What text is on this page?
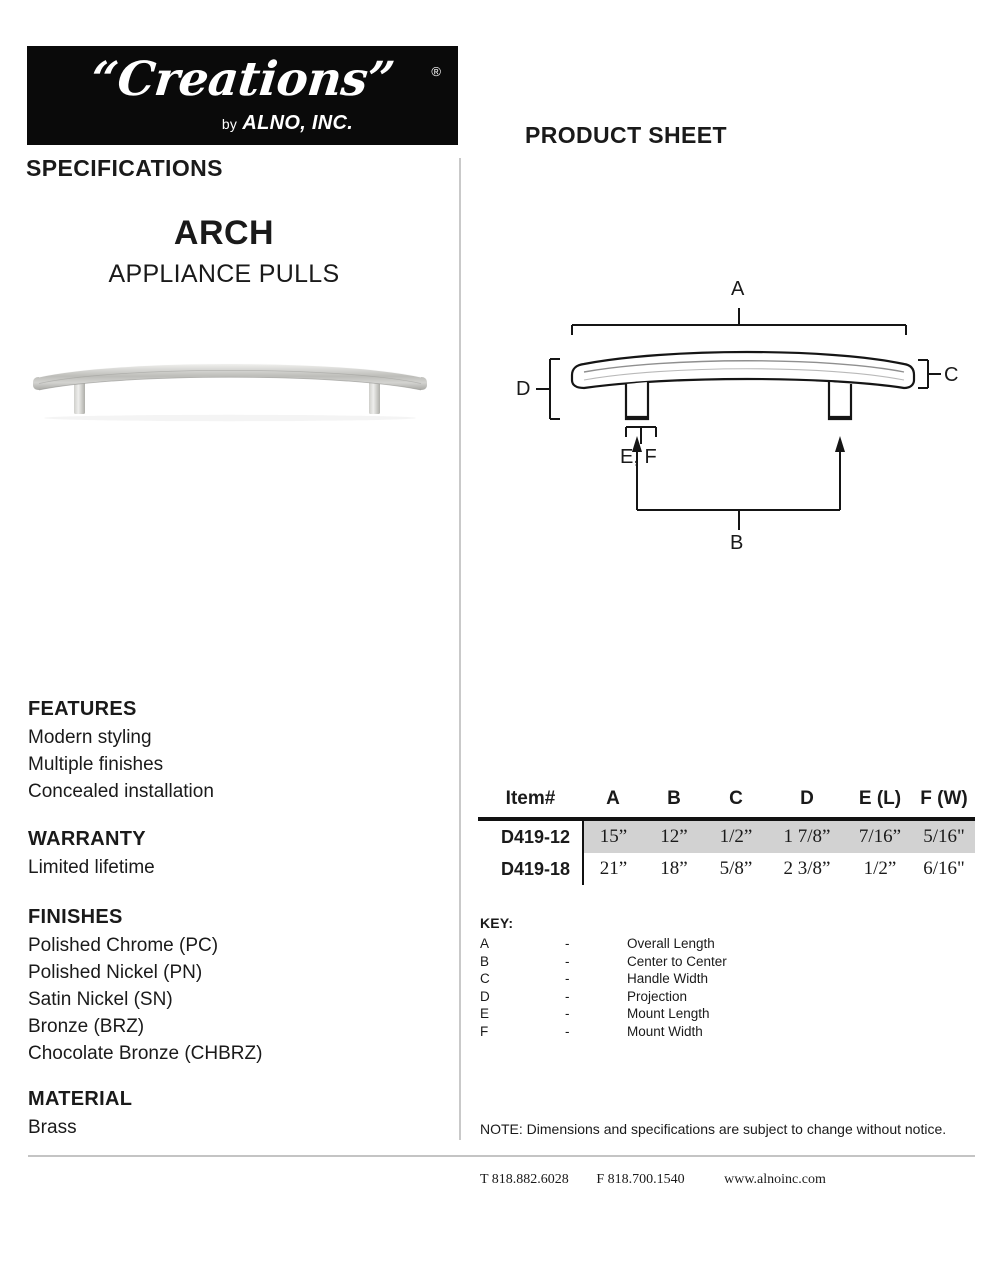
“Creations”	®
by ALNO, INC.
SPECIFICATIONS
PRODUCT SHEET
ARCH
APPLIANCE PULLS
A
B
C
D
E, F
FEATURES
Modern styling
Multiple finishes
Concealed installation
WARRANTY
Limited lifetime
FINISHES
Polished Chrome (PC)
Polished Nickel (PN)
Satin Nickel (SN)
Bronze (BRZ)
Chocolate Bronze (CHBRZ)
MATERIAL
Brass
Item#	A	B	C	D	E (L)	F (W)
D419-12	15”	12”	1/2”	1 7/8”	7/16”	5/16"
D419-18	21”	18”	5/8”	2 3/8”	1/2”	6/16"
KEY:
A	-	Overall Length
B	-	Center to Center
C	-	Handle Width
D	-	Projection
E	-	Mount Length
F	-	Mount Width
NOTE: Dimensions and specifications are subject to change without notice.
T 818.882.6028 F 818.700.1540	www.alnoinc.com
